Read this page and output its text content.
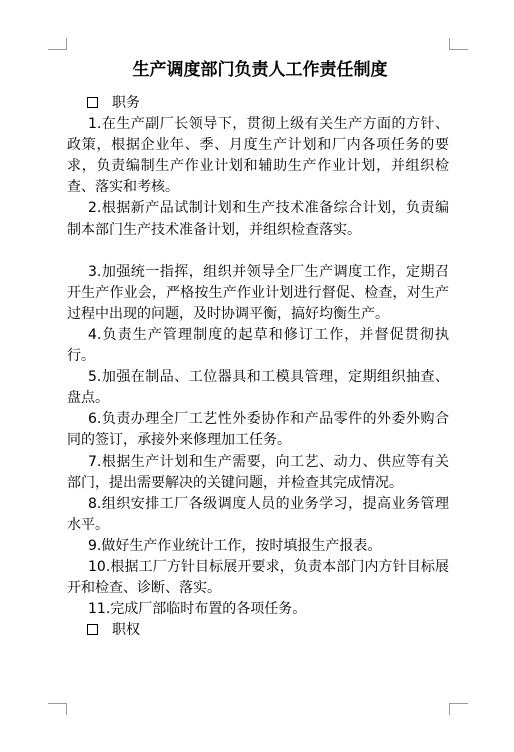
生产调度部门负责人工作责任制度

职务

1.在生产副厂长领导下，贯彻上级有关生产方面的方针、政策，根据企业年、季、月度生产计划和厂内各项任务的要求，负责编制生产作业计划和辅助生产作业计划，并组织检查、落实和考核。

2.根据新产品试制计划和生产技术准备综合计划，负责编制本部门生产技术准备计划，并组织检查落实。

3.加强统一指挥，组织并领导全厂生产调度工作，定期召开生产作业会，严格按生产作业计划进行督促、检查，对生产过程中出现的问题，及时协调平衡，搞好均衡生产。

4.负责生产管理制度的起草和修订工作，并督促贯彻执行。

5.加强在制品、工位器具和工模具管理，定期组织抽查、盘点。

6.负责办理全厂工艺性外委协作和产品零件的外委外购合同的签订，承接外来修理加工任务。

7.根据生产计划和生产需要，向工艺、动力、供应等有关部门，提出需要解决的关键问题，并检查其完成情况。

8.组织安排工厂各级调度人员的业务学习，提高业务管理水平。

9.做好生产作业统计工作，按时填报生产报表。

10.根据工厂方针目标展开要求，负责本部门内方针目标展开和检查、诊断、落实。

11.完成厂部临时布置的各项任务。

职权
